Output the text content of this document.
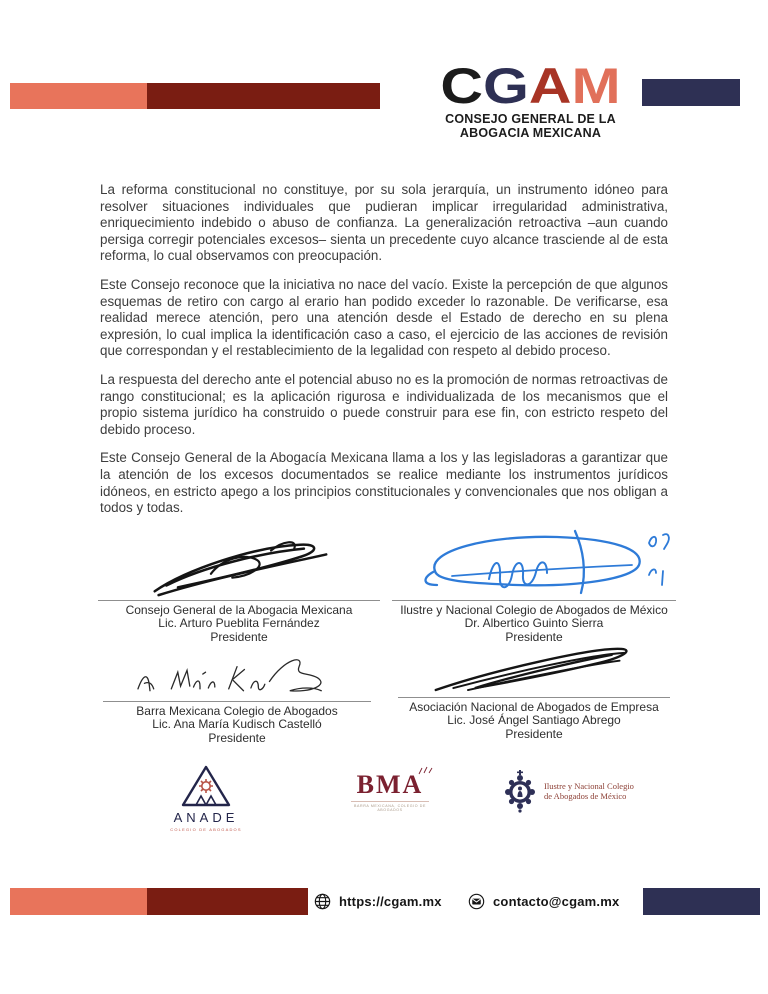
CGAM
CONSEJO GENERAL DE LA
ABOGACIA MEXICANA

La reforma constitucional no constituye, por su sola jerarquía, un instrumento idóneo para resolver situaciones individuales que pudieran implicar irregularidad administrativa, enriquecimiento indebido o abuso de confianza. La generalización retroactiva –aun cuando persiga corregir potenciales excesos– sienta un precedente cuyo alcance trasciende al de esta reforma, lo cual observamos con preocupación.

Este Consejo reconoce que la iniciativa no nace del vacío. Existe la percepción de que algunos esquemas de retiro con cargo al erario han podido exceder lo razonable. De verificarse, esa realidad merece atención, pero una atención desde el Estado de derecho en su plena expresión, lo cual implica la identificación caso a caso, el ejercicio de las acciones de revisión que correspondan y el restablecimiento de la legalidad con respeto al debido proceso.

La respuesta del derecho ante el potencial abuso no es la promoción de normas retroactivas de rango constitucional; es la aplicación rigurosa e individualizada de los mecanismos que el propio sistema jurídico ha construido o puede construir para ese fin, con estricto respeto del debido proceso.

Este Consejo General de la Abogacía Mexicana llama a los y las legisladoras a garantizar que la atención de los excesos documentados se realice mediante los instrumentos jurídicos idóneos, en estricto apego a los principios constitucionales y convencionales que nos obligan a todos y todas.

Consejo General de la Abogacia Mexicana
Lic. Arturo Pueblita Fernández
Presidente
Ilustre y Nacional Colegio de Abogados de México
Dr. Albertico Guinto Sierra
Presidente
Barra Mexicana Colegio de Abogados
Lic. Ana María Kudisch Castelló
Presidente
Asociación Nacional de Abogados de Empresa
Lic. José Ángel Santiago Abrego
Presidente
ANADE
COLEGIO DE ABOGADOS
BMA
BARRA MEXICANA, COLEGIO DE ABOGADOS
Ilustre y Nacional Colegio
de Abogados de México
https://cgam.mx	contacto@cgam.mx
